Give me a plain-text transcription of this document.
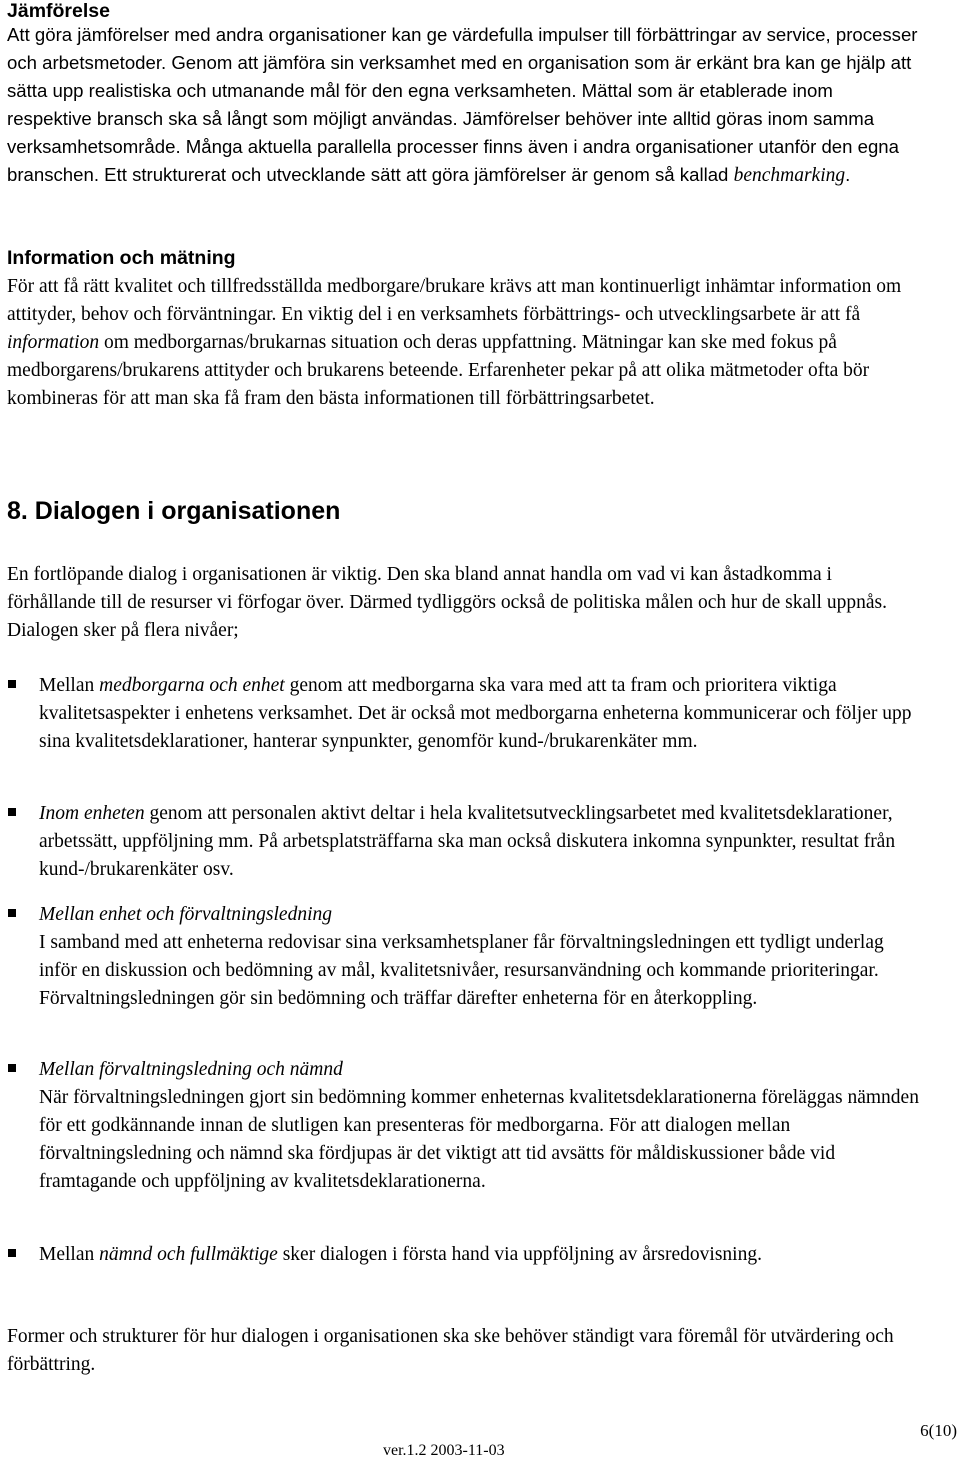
Jämförelse

Att göra jämförelser med andra organisationer kan ge värdefulla impulser till förbättringar av service, processer och arbetsmetoder. Genom att jämföra sin verksamhet med en organisation som är erkänt bra kan ge hjälp att sätta upp realistiska och utmanande mål för den egna verksamheten. Mättal som är etablerade inom respektive bransch ska så långt som möjligt användas. Jämförelser behöver inte alltid göras inom samma verksamhetsområde. Många aktuella parallella processer finns även i andra organisationer utanför den egna branschen. Ett strukturerat och utvecklande sätt att göra jämförelser är genom så kallad benchmarking.

Information och mätning

För att få rätt kvalitet och tillfredsställda medborgare/brukare krävs att man kontinuerligt inhämtar information om attityder, behov och förväntningar. En viktig del i en verksamhets förbättrings- och utvecklingsarbete är att få information om medborgarnas/brukarnas situation och deras uppfattning. Mätningar kan ske med fokus på medborgarens/brukarens attityder och brukarens beteende. Erfarenheter pekar på att olika mätmetoder ofta bör kombineras för att man ska få fram den bästa informationen till förbättringsarbetet.

8. Dialogen i organisationen

En fortlöpande dialog i organisationen är viktig. Den ska bland annat handla om vad vi kan åstadkomma i förhållande till de resurser vi förfogar över. Därmed tydliggörs också de politiska målen och hur de skall uppnås. Dialogen sker på flera nivåer;

Mellan medborgarna och enhet genom att medborgarna ska vara med att ta fram och prioritera viktiga kvalitetsaspekter i enhetens verksamhet. Det är också mot medborgarna enheterna kommunicerar och följer upp sina kvalitetsdeklarationer, hanterar synpunkter, genomför kund-/brukarenkäter mm.

Inom enheten genom att personalen aktivt deltar i hela kvalitetsutvecklingsarbetet med kvalitetsdeklarationer, arbetssätt, uppföljning mm. På arbetsplatsträffarna ska man också diskutera inkomna synpunkter, resultat från kund-/brukarenkäter osv.

Mellan enhet och förvaltningsledning

I samband med att enheterna redovisar sina verksamhetsplaner får förvaltningsledningen ett tydligt underlag inför en diskussion och bedömning av mål, kvalitetsnivåer, resursanvändning och kommande prioriteringar. Förvaltningsledningen gör sin bedömning och träffar därefter enheterna för en återkoppling.

Mellan förvaltningsledning och nämnd

När förvaltningsledningen gjort sin bedömning kommer enheternas kvalitetsdeklarationerna föreläggas nämnden för ett godkännande innan de slutligen kan presenteras för medborgarna. För att dialogen mellan förvaltningsledning och nämnd ska fördjupas är det viktigt att tid avsätts för måldiskussioner både vid framtagande och uppföljning av kvalitetsdeklarationerna.

Mellan nämnd och fullmäktige sker dialogen i första hand via uppföljning av årsredovisning.

Former och strukturer för hur dialogen i organisationen ska ske behöver ständigt vara föremål för utvärdering och förbättring.

6(10)
ver.1.2 2003-11-03
